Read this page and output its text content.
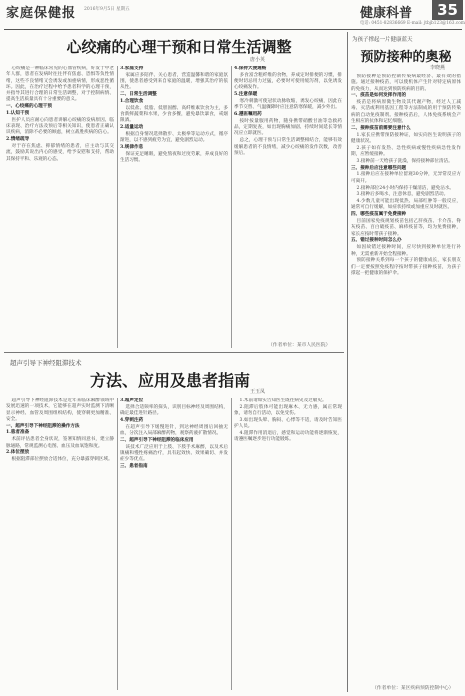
家庭保健报 2016年9月5日 星期五	健康科普	35
电话: 0451-82836669 E-mail: jtbjb123@163.com
心绞痛的心理干预和日常生活调整
唐小英

心绞痛是一种临床常见的心血管疾病，好发于中老年人群，患者在发病时往往伴有焦虑、恐惧等负性情绪，这些不良情绪又会诱发或加重病情，形成恶性循环。因此，在治疗过程中给予患者科学的心理干预，并指导其进行合理的日常生活调整，对于控制病情、提高生活质量具有十分重要的意义。

一、心绞痛的心理干预

1.认知干预

医护人员应耐心向患者讲解心绞痛的发病原因、临床表现、治疗方法及预后等相关知识，使患者正确认识疾病，消除不必要的顾虑，树立战胜疾病的信心。

2.情绪疏导

对于存在焦虑、抑郁情绪的患者，应主动与其交流，鼓励其说出内心的感受，给予安慰和支持，帮助其保持平和、乐观的心态。

3.家庭支持

家属应多陪伴、关心患者，营造温馨和谐的家庭氛围，使患者感受到来自家庭的温暖，增强其治疗的依从性。

二、日常生活调整

1.合理饮食

以低盐、低脂、低胆固醇、高纤维素饮食为主，多食新鲜蔬菜和水果，少食多餐，避免暴饮暴食，戒烟限酒。

2.适量运动

根据自身情况选择散步、太极拳等运动方式，循序渐进，以不感到疲劳为宜，避免剧烈运动。

3.规律作息

保证充足睡眠，避免熬夜和过度劳累，养成良好的生活习惯。

4.保持大便通畅

多食富含粗纤维的食物，养成定时排便的习惯，排便时切忌用力过猛，必要时可使用缓泻剂，以免诱发心绞痛发作。

5.注意保暖

寒冷刺激可使冠状动脉收缩，诱发心绞痛，因此在季节交替、气温骤降时应注意防寒保暖，减少外出。

6.遵医嘱用药

按时按量服用药物，随身携带硝酸甘油等急救药品，定期复查，如出现胸痛加剧、持续时间延长等情况应立即就医。

总之，心理干预与日常生活调整相结合，能够有效缓解患者的不良情绪，减少心绞痛的发作次数，改善预后。

（作者单位：某市人民医院）
超声引导下神经阻滞技术
方法、应用及患者指南
王玉凤

超声引导下神经阻滞技术是近年来临床麻醉领域中发展迅速的一项技术，它能够在超声实时监测下清晰显示神经、血管及周围组织结构，使穿刺更加精准、安全。

一、超声引导下神经阻滞的操作方法

1.患者准备

术前评估患者全身状况，签署知情同意书，建立静脉通路，常规监测心电图、血压及血氧饱和度。

2.体位摆放

根据阻滞部位摆放合适体位，充分暴露穿刺区域。

3.超声定位

选择合适频率的探头，识别目标神经及周围结构，确定最佳进针路径。

4.穿刺注药

在超声引导下缓慢进针，到达神经周围后回抽无血，分次注入局部麻醉药物，观察药液扩散情况。

二、超声引导下神经阻滞的临床应用

该技术广泛应用于上肢、下肢手术麻醉，以及术后镇痛和慢性疼痛治疗，具有起效快、效果确切、并发症少等优点。

三、患者指南

1.术前请如实告知医生既往病史及过敏史。

2.阻滞后肢体可能出现麻木、无力感，属正常现象，请勿自行活动，以免受伤。

3.如出现头晕、胸闷、心悸等不适，请及时告知医护人员。

4.阻滞作用消退后，感觉和运动功能将逐渐恢复，请遵医嘱逐步进行功能锻炼。

为孩子撑起一片健康蓝天
预防接种的奥秘
李晓燕

预防接种是预防控制传染病最经济、最有效的措施。通过接种疫苗，可以使机体产生针对特定病原体的免疫力，从而达到预防疾病的目的。

一、疫苗是如何发挥作用的

疫苗是将病原微生物及其代谢产物，经过人工减毒、灭活或利用基因工程等方法制成的用于预防传染病的自动免疫制剂。接种疫苗后，人体免疫系统会产生相应的抗体和记忆细胞。

二、接种疫苗前需要注意什么

1.家长应携带预防接种证，如实向医生说明孩子的健康状况。

2.孩子如有发热、急性疾病或慢性疾病急性发作期，应暂缓接种。

3.接种前一天给孩子洗澡，保持接种部位清洁。

三、接种后应注意哪些问题

1.接种后应在接种单位留观30分钟，无异常反应方可离开。

2.接种部位24小时内保持干燥清洁，避免沾水。

3.接种后多喝水，注意休息，避免剧烈活动。

4.少数儿童可能出现低热、局部红肿等一般反应，通常可自行缓解，如症状持续或加重应及时就医。

四、哪些疫苗属于免费接种

目前国家免疫规划疫苗包括乙肝疫苗、卡介苗、脊灰疫苗、百白破疫苗、麻疹疫苗等，均为免费接种，家长应按时带孩子接种。

五、错过接种时间怎么办

如因故错过接种时间，应尽快到接种单位进行补种，无需重新开始全程接种。

预防接种关系到每一个孩子的健康成长，家长朋友们一定要按照免疫程序按时带孩子接种疫苗，为孩子撑起一把健康的保护伞。

（作者单位：某区疾病预防控制中心）
